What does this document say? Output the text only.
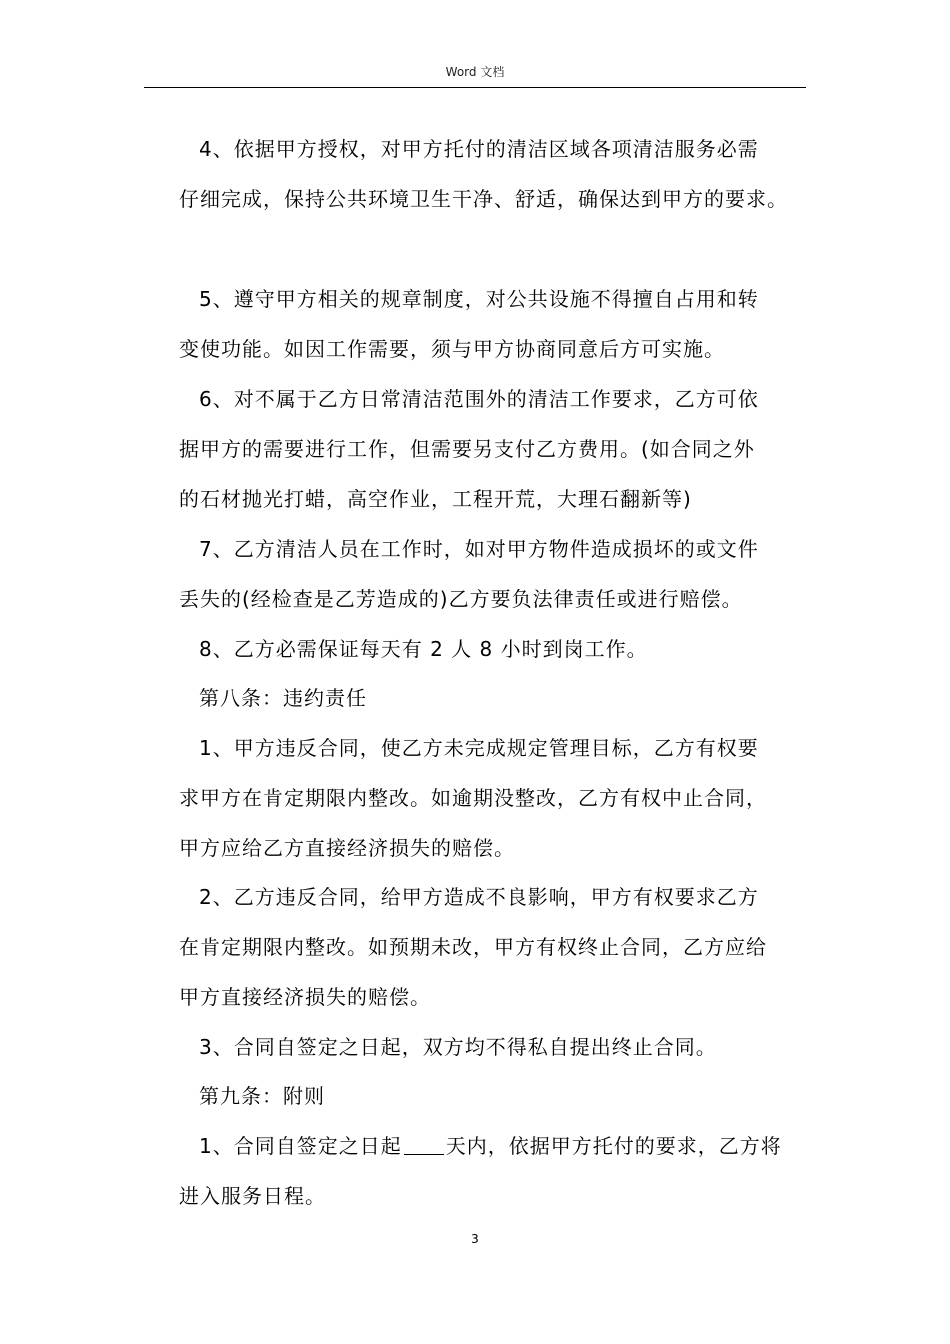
Word 文档
4、依据甲方授权，对甲方托付的清洁区域各项清洁服务必需
仔细完成，保持公共环境卫生干净、舒适，确保达到甲方的要求。
5、遵守甲方相关的规章制度，对公共设施不得擅自占用和转
变使功能。如因工作需要，须与甲方协商同意后方可实施。
6、对不属于乙方日常清洁范围外的清洁工作要求，乙方可依
据甲方的需要进行工作，但需要另支付乙方费用。(如合同之外
的石材抛光打蜡，高空作业，工程开荒，大理石翻新等)
7、乙方清洁人员在工作时，如对甲方物件造成损坏的或文件
丢失的(经检查是乙芳造成的)乙方要负法律责任或进行赔偿。
8、乙方必需保证每天有 2 人 8 小时到岗工作。
第八条：违约责任
1、甲方违反合同，使乙方未完成规定管理目标，乙方有权要
求甲方在肯定期限内整改。如逾期没整改，乙方有权中止合同，
甲方应给乙方直接经济损失的赔偿。
2、乙方违反合同，给甲方造成不良影响，甲方有权要求乙方
在肯定期限内整改。如预期未改，甲方有权终止合同，乙方应给
甲方直接经济损失的赔偿。
3、合同自签定之日起，双方均不得私自提出终止合同。
第九条：附则
1、合同自签定之日起 天内，依据甲方托付的要求，乙方将
进入服务日程。
3
